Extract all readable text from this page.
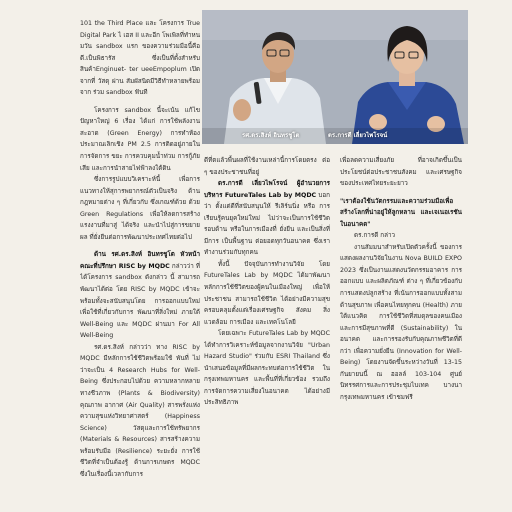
101 the Third Place และ โครงการ True Digital Park ไ เฮส II และอีก โพเพิลที่ทำหนมวัน sandbox แรก ของความร่วมมือนี้คือ ดี.เป็นพิธารัส ซึ่งเป็นที่ตั้งสำหรับสินค้าEnginuet- ter ueeEmpoplum เปิดจากที่ วัสดุ ผ่าน สัมผัสนิดมีวิธีทำหลายพร้อมจาก ร่วม sandbox ฟันที

โครงการ sandbox นี้จะเน้น แก้ไขปัญหาใหญ่ 6 เรื่อง ได้แก่ การใช้พลังงานสะอาด (Green Energy) การทำห้องประมาณเลิกเชิง PM 2.5 การติดอยู่ภายใน การจัดการ ขยะ การควบคุมน้ำท่วม การกู้ภัย เสีย และการนำสายไฟฟ้าลงใต้ดิน

ซึ่งการรูปแบบวิเคราะห์นี้ เพื่อการ แนวทางให้สุการพยากรณ์ตัวเป็นจริง ด้านกฎหมายต่าง ๆ ที่เกี่ยวกับ ซึ่งเกณฑ์ด้วย ด้วย Green Regulations เพื่อให้ลดการสร้างแรงงานที่มาสู่ ได้จริง และนำไปสู่การขยายผล ที่ยั่งยืนต่อการพัฒนาประเทศไทยต่อไป

ด้าน รศ.ดร.สิงห์ อินทรชูโต หัวหน้าคณะที่ปรึกษา RISC by MQDC กล่าวว่า ที่ได้โครงการ sandbox ดังกล่าว นี้ สามารถพัฒนาได้ต่อ โดย RISC by MQDC เข้าจะ พร้อมทั้งจะสนับสนุนโดย การออกแบบใหม่ เพื่อใช้ที่เกี่ยวกับการ พัฒนาที่สิ่งใหม่ ภายใต้ Well-Being และ MQDC ผ่านมา For All Well-Being

รศ.ดร.สิงห์ กล่าวว่า ทาง RISC by MQDC มีหลักการใช้ชีวิตพร้อมใช้ พันที่ ไม่ว่าจะเป็น 4 Research Hubs for Well-Being ซึ่งประกอบไปด้วย ความหลากหลายทางชีวภาพ (Plants & Biodiversity) คุณภาพ อากาศ (Air Quality) สารพรั่งแห่ง ความสุขแห่งวิทยาศาสตร์ (Happiness Science) วัสดุและการใช้ทรัพยากร (Materials & Resources) สารสร้างความ พร้อมรับมือ (Resilience) ระยะยั่ง การใช้ชีวิตที่จำเป็นต้องรู้ ด้านการเกษตร MQDC ซึ่งในเรื่องนี้เวลากับการ

รศ.ดร.สิงห์ อินทรชูโต	ดร.การดี เลี่ยวไพโรจน์

ดีที่ตแล้วพื้นผลที่ใช้งานเหล่านี้การโดยตรง ต่อ ๆ ของประชาชนที่อยู่

ดร.การดี เลี่ยวไพโรจน์ ผู้อำนวยการบริหาร FutureTales Lab by MQDC บอกว่า ตั้งแต่ดีที่สนับสนุนให้ รีเลิร์นนิ่ง หรือ การเรียนรู้คนยุคใหม่ใหม่ ไม่ว่าจะเป็นการใช้ชีวิตรอบด้าน หรือในการเมืองที่ ยั่งยืน และเป็นสิ่งที่มีการ เป็นพื้นฐาน ต่อยอดทุกวันอนาคต ซึ่งเรา ทำงานร่วมกับทุกคน

ทั้งนี้ ปัจจุบันการทำงานวิจัย โดย FutureTales Lab by MQDC ได้มาพัฒนาหลักการใช้ชีวิตของผู้คนในเมืองใหญ่ เพื่อให้ประชาชน สามารถใช้ชีวิต ได้อย่างมีความสุข ครอบคลุมตั้งแต่เรื่องเศรษฐกิจ สังคม สิ่งแวดล้อม การเมือง และเทคโนโลยี

โดยเฉพาะ FutureTales Lab by MQDC ได้ทำการวิเคราะห์ข้อมูลจากงานวิจัย "Urban Hazard Studio" ร่วมกับ ESRI Thailand ซึ่งนำเสนอข้อมูลที่มีผลกระทบต่อการใช้ชีวิต ในกรุงเทพมหานคร และพื้นที่ที่เกี่ยวข้อง รวมถึงการจัดการความเสี่ยงในอนาคต ได้อย่างมีประสิทธิภาพ

เพื่อลดความเสี่ยงภัย ที่อาจเกิดขึ้นเป็นประโยชน์ต่อประชาชนสังคม และเศรษฐกิจของประเทศไทยระยะยาว

"เราต้องใช้นวัตกรรมและความร่วมมือเพื่อสร้างโลกที่น่าอยู่ให้ลูกหลาน และเจเนอเรชันในอนาคต"

ดร.การดี กล่าว

งานสัมมนาสำหรับเปิดตัวครั้งนี้ ของการแสดงผลงานวิจัยในงาน Nova BUILD EXPO 2023 ซึ่งเป็นงานแสดงนวัตกรรมอาคาร การออกแบบ และผลิตภัณฑ์ ต่าง ๆ ที่เกี่ยวข้องกับการแสดงปลูกสร้าง ที่เน้นการออกแบบทั้งสามด้านสุขภาพ เพื่อคนไทยทุกคน (Health) ภายใต้แนวคิด การใช้ชีวิตที่สมดุลของคนเมือง และการมีสุขภาพที่ดี (Sustainability) ในอนาคต และการรองรับกับคุณภาพชีวิตที่ดีกว่า เพื่อความยั่งยืน (Innovation for Well-Being) โดยงานจัดขึ้นระหว่างวันที่ 13-15 กันยายนนี้ ณ ฮอลล์ 103-104 ศูนย์นิทรรศการและการประชุมไบเทค บางนา กรุงเทพมหานคร เข้าชมฟรี
